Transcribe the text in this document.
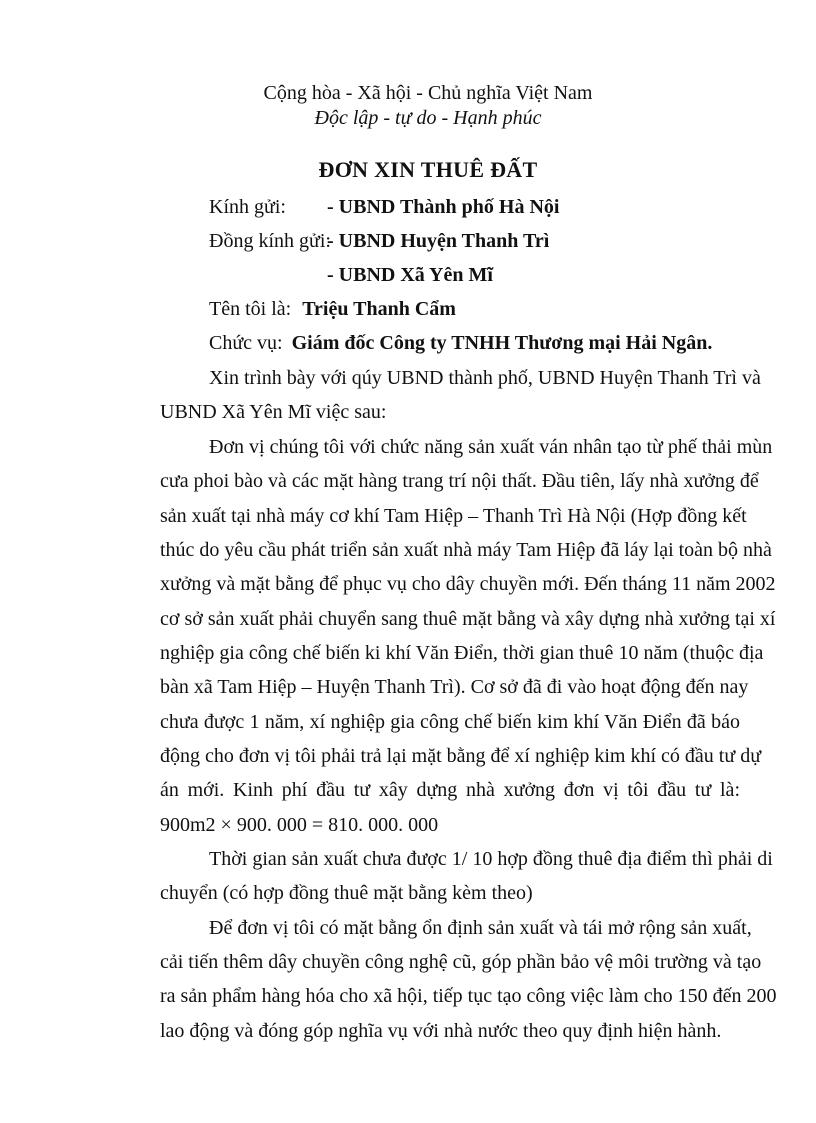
Cộng hòa - Xã hội - Chủ nghĩa Việt Nam
Độc lập - tự do - Hạnh phúc
ĐƠN XIN THUÊ ĐẤT
Kính gửi: - UBND Thành phố Hà Nội
Đồng kính gửi:
- UBND Huyện Thanh Trì
- UBND Xã Yên Mĩ
Tên tôi là: Triệu Thanh Cẩm
Chức vụ: Giám đốc Công ty TNHH Thương mại Hải Ngân.
Xin trình bày với qúy UBND thành phố, UBND Huyện Thanh Trì và
UBND Xã Yên Mĩ việc sau:
Đơn vị chúng tôi với chức năng sản xuất ván nhân tạo từ phế thải mùn
cưa phoi bào và các mặt hàng trang trí nội thất. Đầu tiên, lấy nhà xưởng để
sản xuất tại nhà máy cơ khí Tam Hiệp – Thanh Trì Hà Nội (Hợp đồng kết
thúc do yêu cầu phát triển sản xuất nhà máy Tam Hiệp đã láy lại toàn bộ nhà
xưởng và mặt bằng để phục vụ cho dây chuyền mới. Đến tháng 11 năm 2002
cơ sở sản xuất phải chuyển sang thuê mặt bằng và xây dựng nhà xưởng tại xí
nghiệp gia công chế biến ki khí Văn Điển, thời gian thuê 10 năm (thuộc địa
bàn xã Tam Hiệp – Huyện Thanh Trì). Cơ sở đã đi vào hoạt động đến nay
chưa được 1 năm, xí nghiệp gia công chế biến kim khí Văn Điển đã báo
động cho đơn vị tôi phải trả lại mặt bằng để xí nghiệp kim khí có đầu tư dự
án mới. Kinh phí đầu tư xây dựng nhà xưởng đơn vị tôi đầu tư là:
900m2 × 900. 000 = 810. 000. 000
Thời gian sản xuất chưa được 1/ 10 hợp đồng thuê địa điểm thì phải di
chuyển (có hợp đồng thuê mặt bằng kèm theo)
Để đơn vị tôi có mặt bằng ổn định sản xuất và tái mở rộng sản xuất,
cải tiến thêm dây chuyền công nghệ cũ, góp phần bảo vệ môi trường và tạo
ra sản phẩm hàng hóa cho xã hội, tiếp tục tạo công việc làm cho 150 đến 200
lao động và đóng góp nghĩa vụ với nhà nước theo quy định hiện hành.
